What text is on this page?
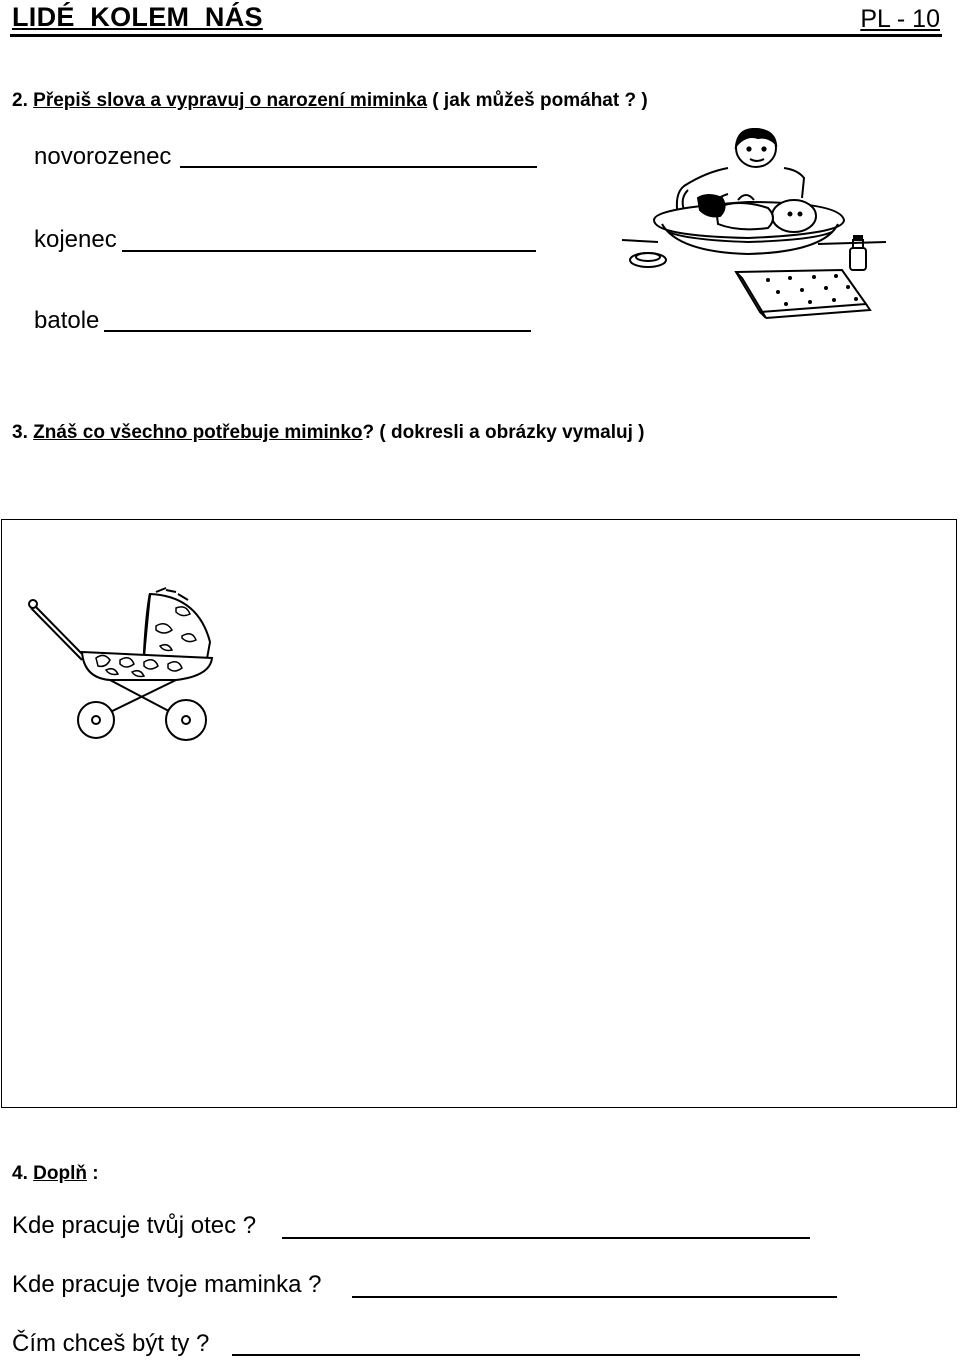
LIDÉ  KOLEM  NÁS	PL - 10
2. Přepiš slova a vypravuj o narození miminka ( jak můžeš pomáhat ? )
novorozenec
kojenec
batole
3. Znáš co všechno potřebuje miminko? ( dokresli a obrázky vymaluj )
4. Doplň :
Kde pracuje tvůj otec ?
Kde pracuje tvoje maminka ?
Čím chceš být ty ?
